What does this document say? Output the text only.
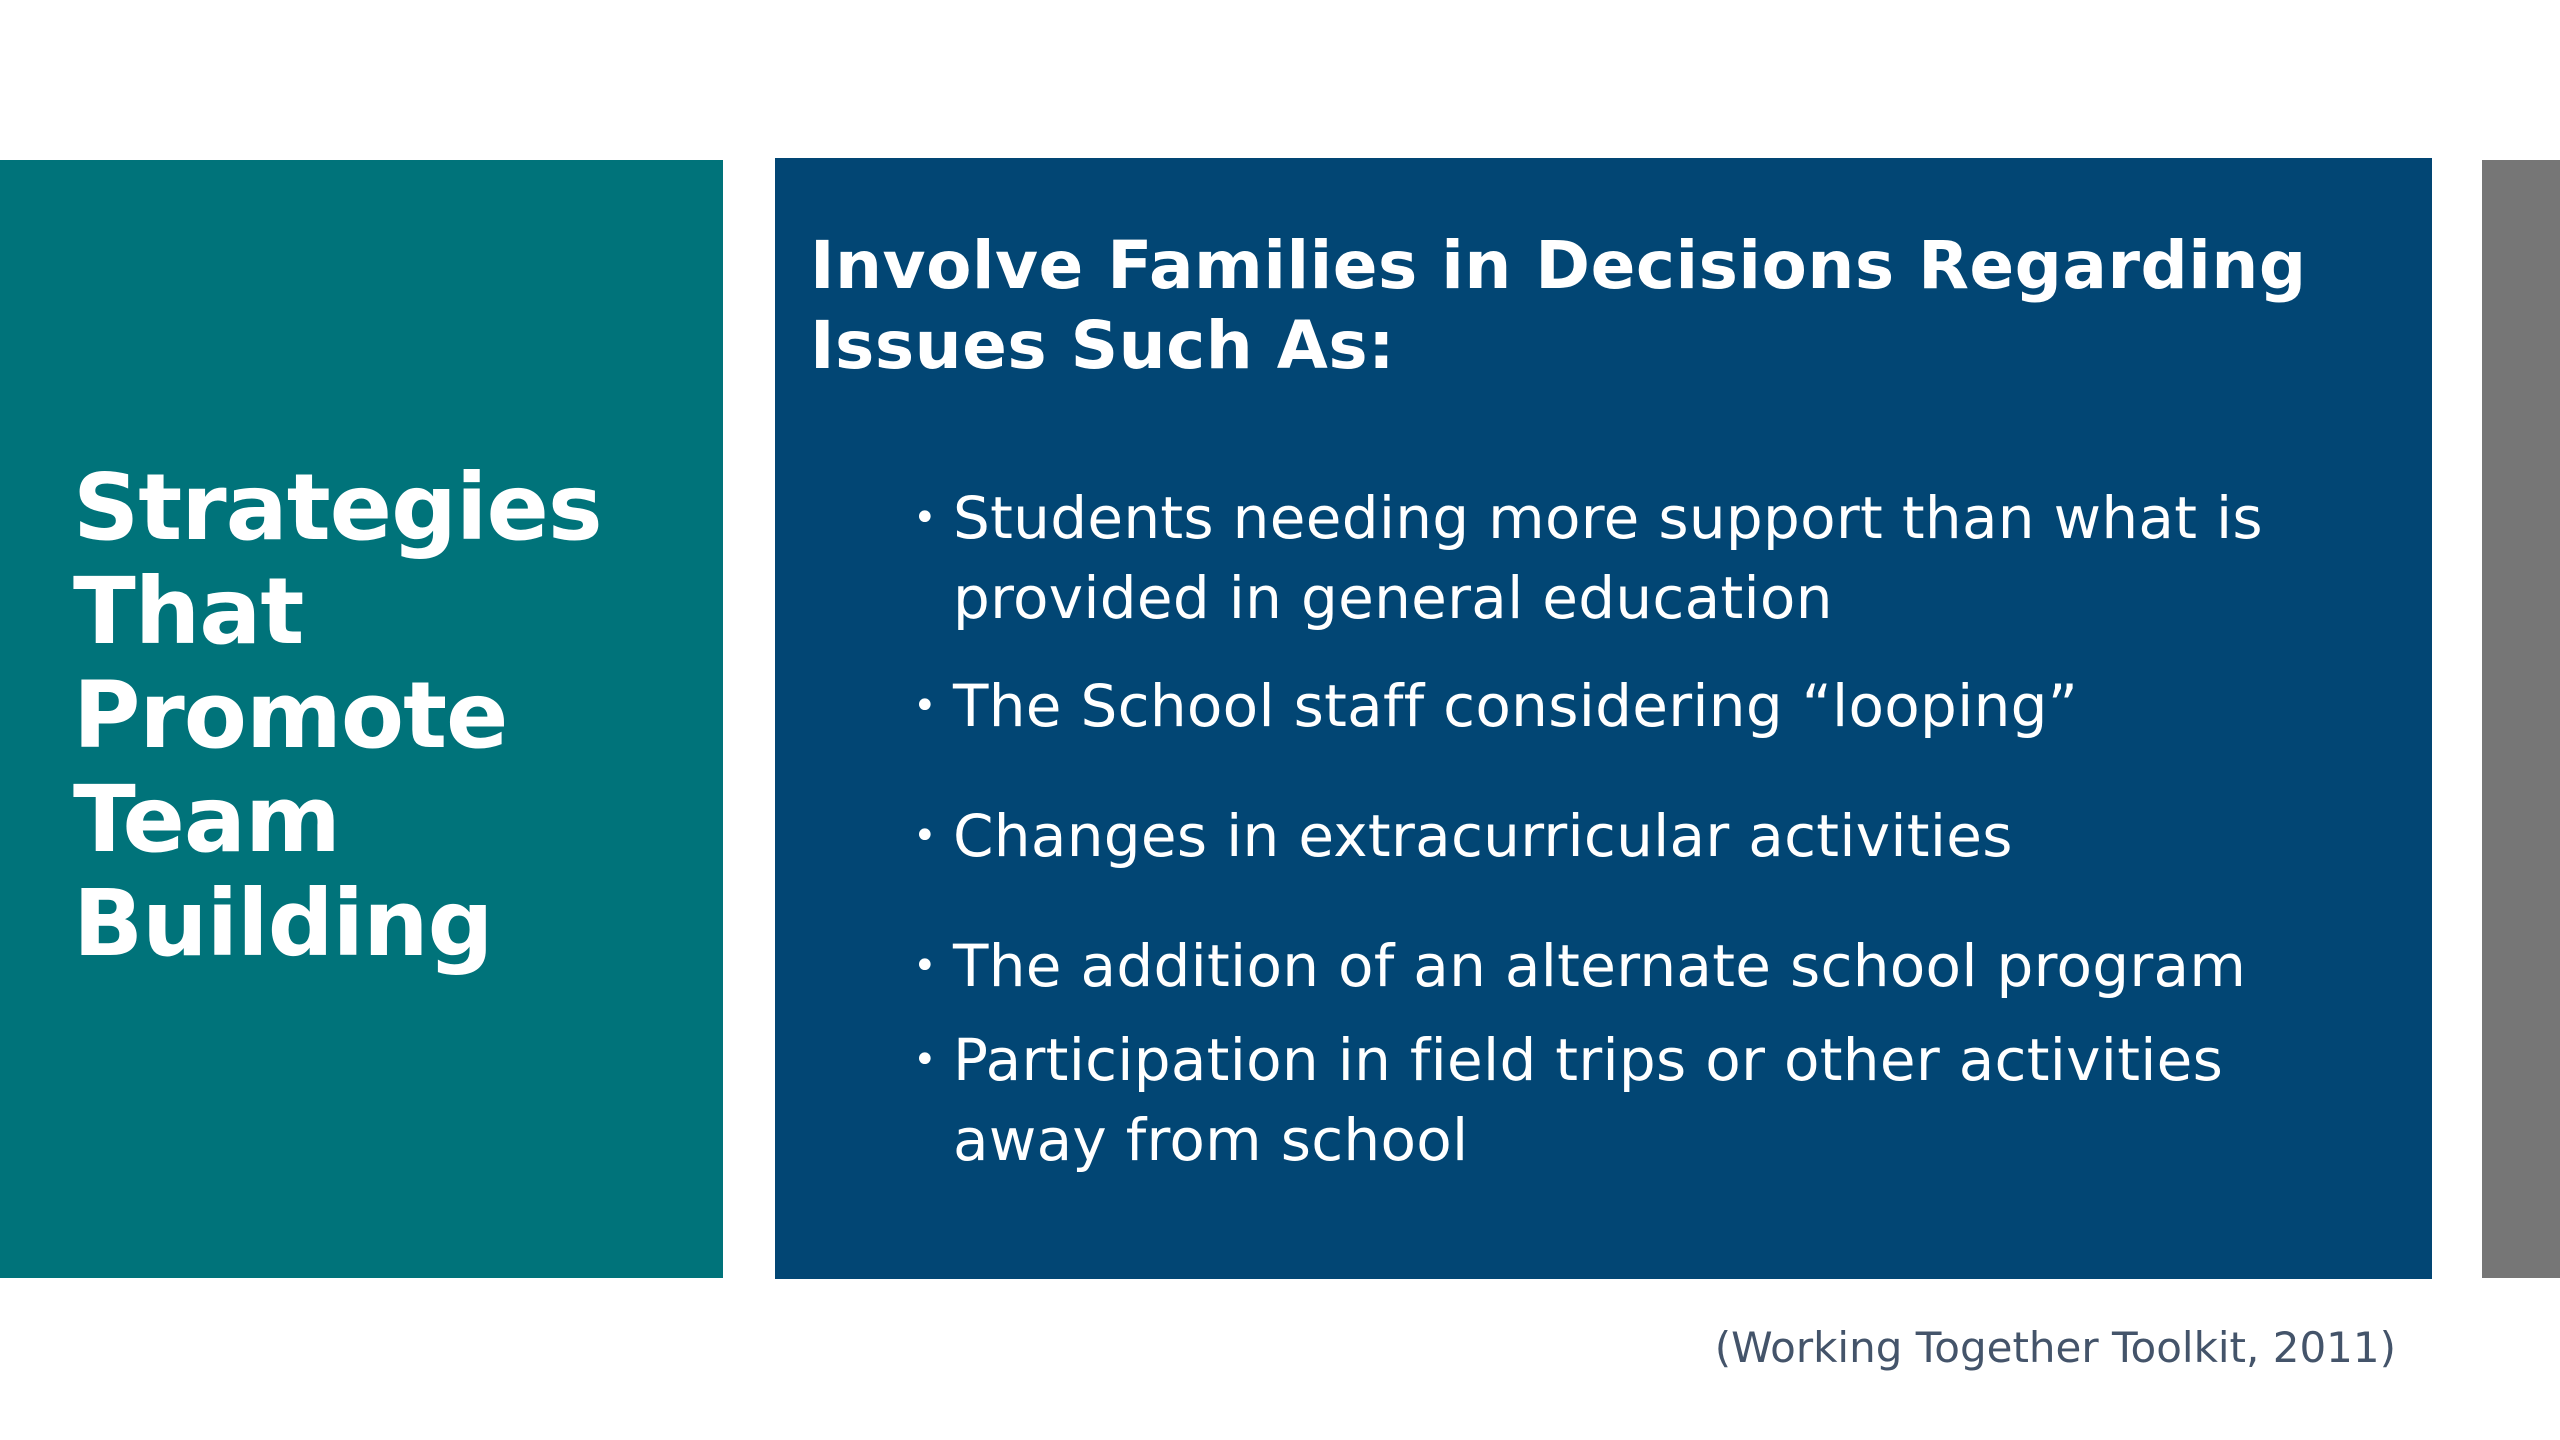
Strategies
That
Promote
Team
Building
Involve Families in Decisions Regarding Issues Such As:
• Students needing more support than what is provided in general education
• The School staff considering “looping”
• Changes in extracurricular activities
• The addition of an alternate school program
• Participation in field trips or other activities away from school

(Working Together Toolkit, 2011)
